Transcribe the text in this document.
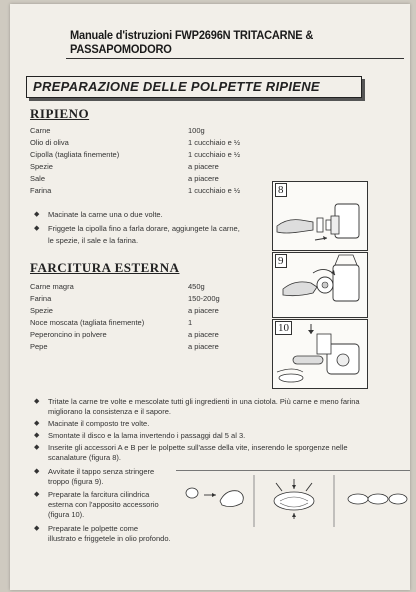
Manuale d'istruzioni FWP2696N TRITACARNE & PASSAPOMODORO
PREPARAZIONE DELLE POLPETTE RIPIENE
RIPIENO
Carne	100g
Olio di oliva	1 cucchiaio e ½
Cipolla (tagliata finemente)	1 cucchiaio e ½
Spezie	a piacere
Sale	a piacere
Farina	1 cucchiaio e ½
◆ Macinate la carne una o due volte.
◆ Friggete la cipolla fino a farla dorare, aggiungete la carne,
le spezie, il sale e la farina.
FARCITURA ESTERNA
Carne magra	450g
Farina	150-200g
Spezie	a piacere
Noce moscata (tagliata finemente)	1
Peperoncino in polvere	a piacere
Pepe	a piacere
8
9
10
◆ Tritate la carne tre volte e mescolate tutti gli ingredienti in una ciotola. Più carne e meno farina
migliorano la consistenza e il sapore.
◆ Macinate il composto tre volte.
◆ Smontate il disco e la lama invertendo i passaggi dal 5 al 3.
◆ Inserite gli accessori A e B per le polpette sull'asse della vite, inserendo le sporgenze nelle
scanalature (figura 8).
◆ Avvitate il tappo senza stringere
troppo (figura 9).
◆ Preparate la farcitura cilindrica
esterna con l'apposito accessorio
(figura 10).
◆ Preparate le polpette come
illustrato e friggetele in olio profondo.
